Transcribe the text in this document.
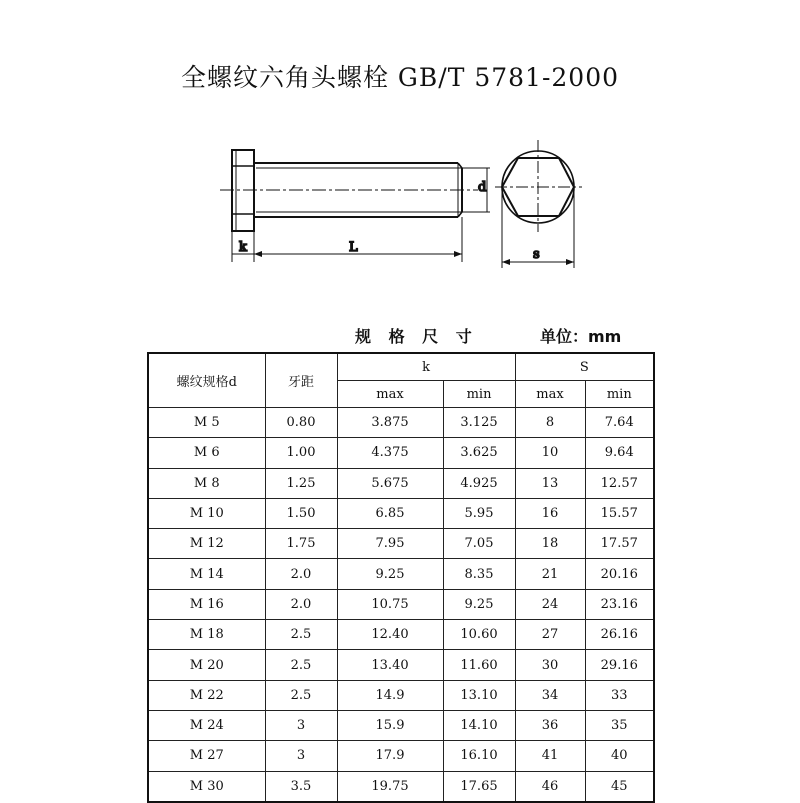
全螺纹六角头螺栓 GB/T 5781-2000
k	L
d
s
规 格 尺 寸	单位：mm
螺纹规格d	牙距	k		S	
		max	min	max	min
M 5	0.80	3.875	3.125	8	7.64
M 6	1.00	4.375	3.625	10	9.64
M 8	1.25	5.675	4.925	13	12.57
M 10	1.50	6.85	5.95	16	15.57
M 12	1.75	7.95	7.05	18	17.57
M 14	2.0	9.25	8.35	21	20.16
M 16	2.0	10.75	9.25	24	23.16
M 18	2.5	12.40	10.60	27	26.16
M 20	2.5	13.40	11.60	30	29.16
M 22	2.5	14.9	13.10	34	33
M 24	3	15.9	14.10	36	35
M 27	3	17.9	16.10	41	40
M 30	3.5	19.75	17.65	46	45
